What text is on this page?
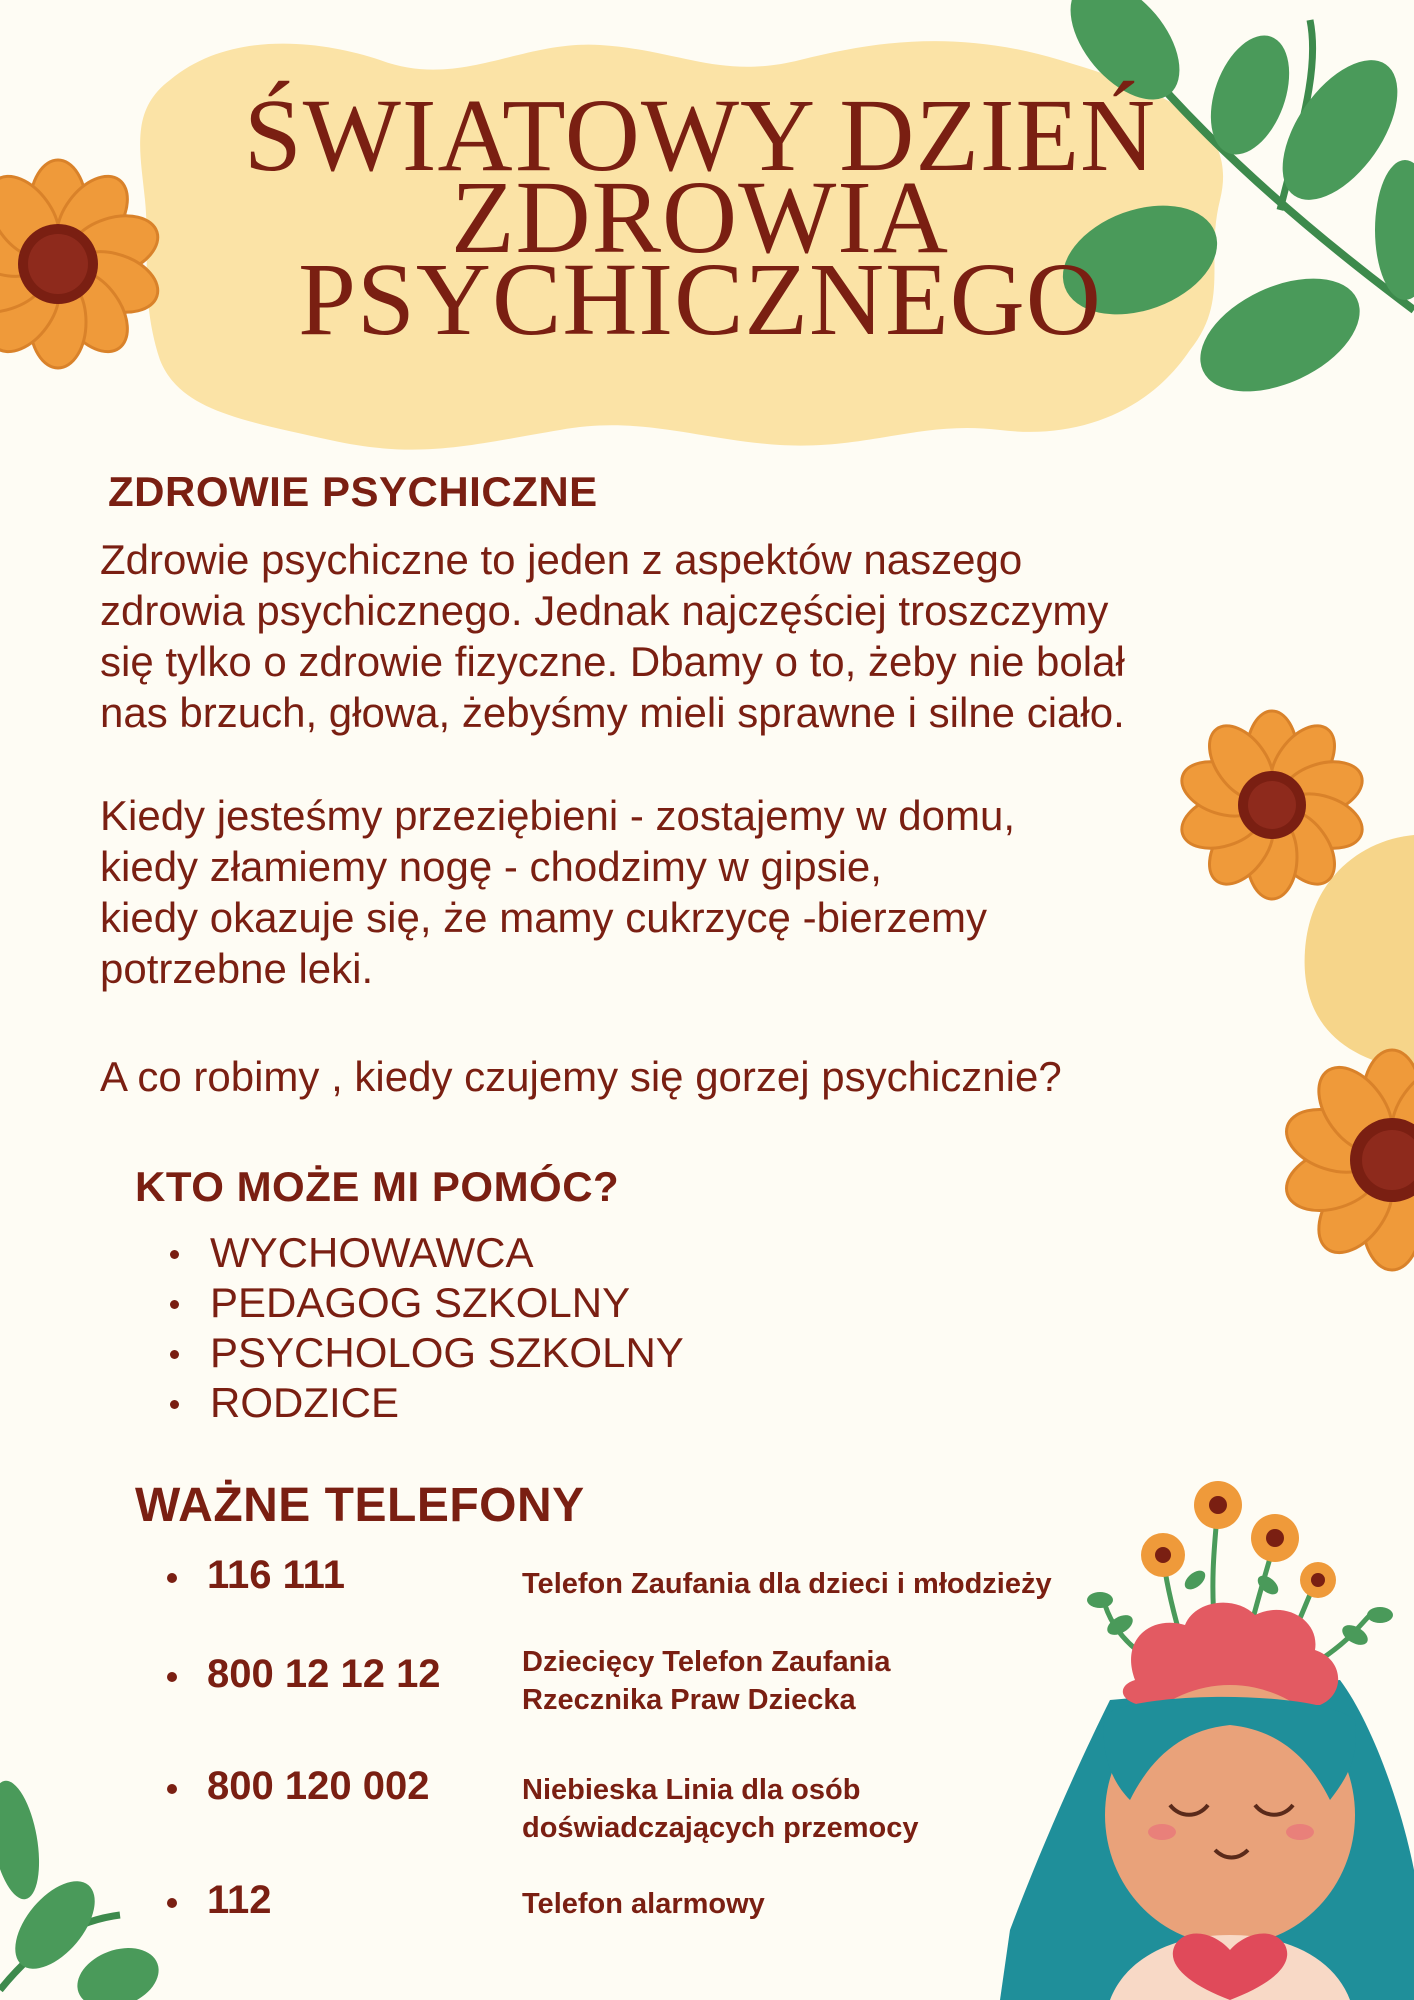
ŚWIATOWY DZIEŃ
ZDROWIA
PSYCHICZNEGO
ZDROWIE PSYCHICZNE
Zdrowie psychiczne to jeden z aspektów naszego
zdrowia psychicznego. Jednak najczęściej troszczymy
się tylko o zdrowie fizyczne. Dbamy o to, żeby nie bolał
nas brzuch, głowa, żebyśmy mieli sprawne i silne ciało.
Kiedy jesteśmy przeziębieni - zostajemy w domu,
kiedy złamiemy nogę - chodzimy w gipsie,
kiedy okazuje się, że mamy cukrzycę -bierzemy
potrzebne leki.
A co robimy , kiedy czujemy się gorzej psychicznie?
KTO MOŻE MI POMÓC?
WYCHOWAWCA
PEDAGOG SZKOLNY
PSYCHOLOG SZKOLNY
RODZICE
WAŻNE TELEFONY
116 111	Telefon Zaufania dla dzieci i młodzieży
800 12 12 12	Dziecięcy Telefon Zaufania
Rzecznika Praw Dziecka
800 120 002	Niebieska Linia dla osób
doświadczających przemocy
112	Telefon alarmowy
